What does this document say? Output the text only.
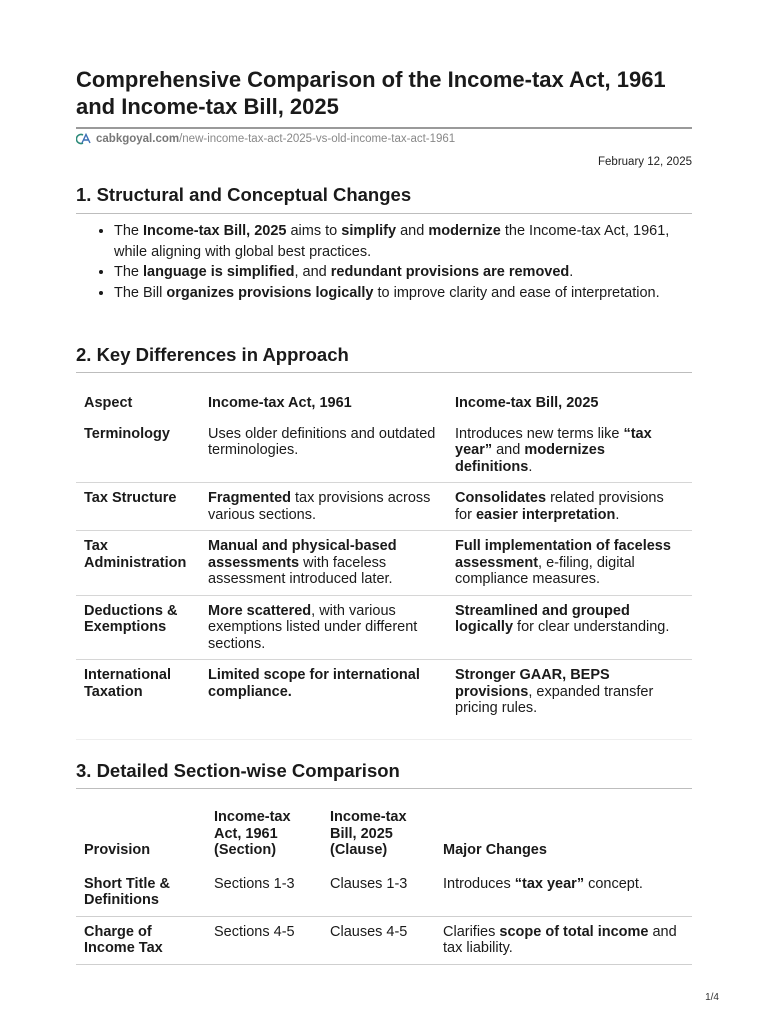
Comprehensive Comparison of the Income-tax Act, 1961 and Income-tax Bill, 2025
cabkgoyal.com /new-income-tax-act-2025-vs-old-income-tax-act-1961
February 12, 2025
1. Structural and Conceptual Changes
• The Income-tax Bill, 2025 aims to simplify and modernize the Income-tax Act, 1961, while aligning with global best practices.
• The language is simplified, and redundant provisions are removed.
• The Bill organizes provisions logically to improve clarity and ease of interpretation.
2. Key Differences in Approach
Aspect	Income-tax Act, 1961	Income-tax Bill, 2025
Terminology	Uses older definitions and outdated terminologies.	Introduces new terms like “tax year” and modernizes definitions.
Tax Structure	Fragmented tax provisions across various sections.	Consolidates related provisions for easier interpretation.
Tax Administration	Manual and physical-based assessments with faceless assessment introduced later.	Full implementation of faceless assessment, e-filing, digital compliance measures.
Deductions & Exemptions	More scattered, with various exemptions listed under different sections.	Streamlined and grouped logically for clear understanding.
International Taxation	Limited scope for international compliance.	Stronger GAAR, BEPS provisions, expanded transfer pricing rules.
3. Detailed Section-wise Comparison
Provision	Income-tax Act, 1961 (Section)	Income-tax Bill, 2025 (Clause)	Major Changes
Short Title & Definitions	Sections 1-3	Clauses 1-3	Introduces “tax year” concept.
Charge of Income Tax	Sections 4-5	Clauses 4-5	Clarifies scope of total income and tax liability.
1/4
